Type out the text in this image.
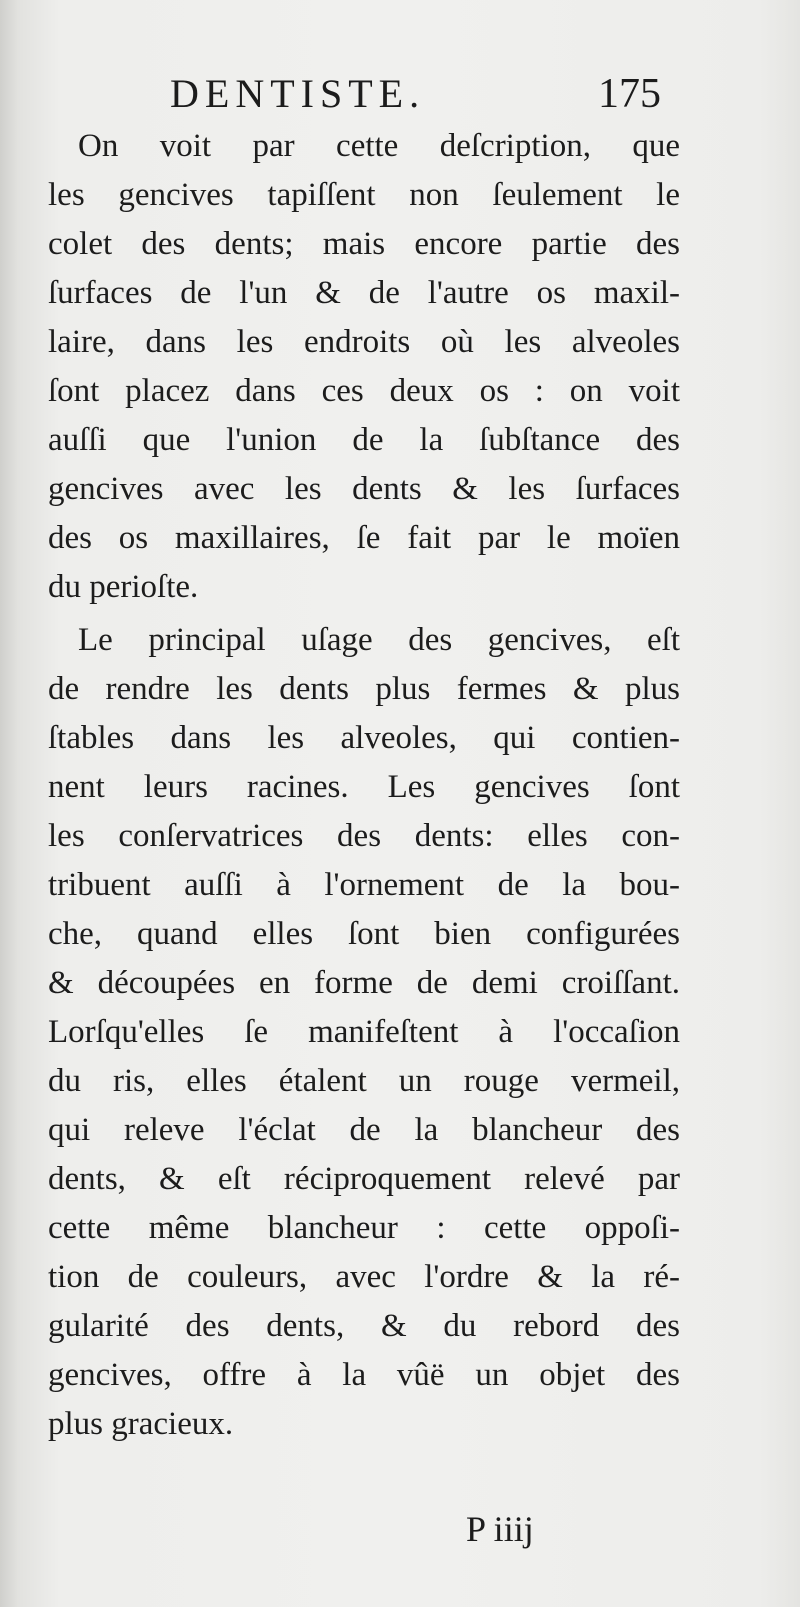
DENTISTE.	175
On voit par cette deſcription, que
les gencives tapiſſent non ſeulement le
colet des dents; mais encore partie des
ſurfaces de l'un & de l'autre os maxil-
laire, dans les endroits où les alveoles
ſont placez dans ces deux os : on voit
auſſi que l'union de la ſubſtance des
gencives avec les dents & les ſurfaces
des os maxillaires, ſe fait par le moïen
du perioſte.
Le principal uſage des gencives, eſt
de rendre les dents plus fermes & plus
ſtables dans les alveoles, qui contien-
nent leurs racines. Les gencives ſont
les conſervatrices des dents: elles con-
tribuent auſſi à l'ornement de la bou-
che, quand elles ſont bien configurées
& découpées en forme de demi croiſſant.
Lorſqu'elles ſe manifeſtent à l'occaſion
du ris, elles étalent un rouge vermeil,
qui releve l'éclat de la blancheur des
dents, & eſt réciproquement relevé par
cette même blancheur : cette oppoſi-
tion de couleurs, avec l'ordre & la ré-
gularité des dents, & du rebord des
gencives, offre à la vûë un objet des
plus gracieux.
P iiij
